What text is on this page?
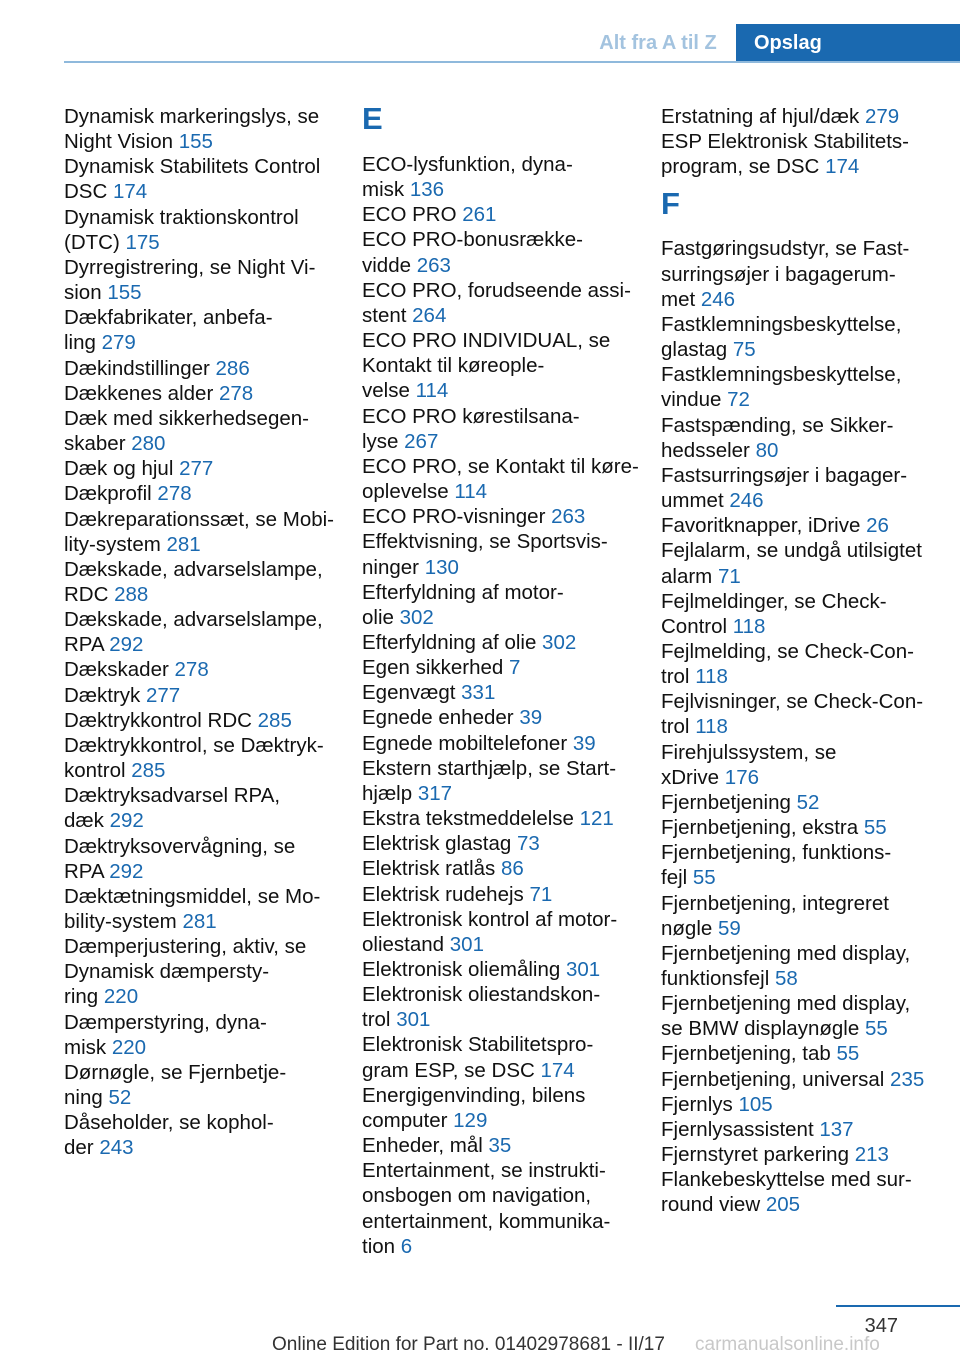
Alt fra A til Z	Opslag
Dynamisk markeringslys, se
Night Vision 155
Dynamisk Stabilitets Control
DSC 174
Dynamisk traktionskontrol
(DTC) 175
Dyrregistrering, se Night Vi-
sion 155
Dækfabrikater, anbefa-
ling 279
Dækindstillinger 286
Dækkenes alder 278
Dæk med sikkerhedsegen-
skaber 280
Dæk og hjul 277
Dækprofil 278
Dækreparationssæt, se Mobi-
lity-system 281
Dækskade, advarselslampe,
RDC 288
Dækskade, advarselslampe,
RPA 292
Dækskader 278
Dæktryk 277
Dæktrykkontrol RDC 285
Dæktrykkontrol, se Dæktryk-
kontrol 285
Dæktryksadvarsel RPA,
dæk 292
Dæktryksovervågning, se
RPA 292
Dæktætningsmiddel, se Mo-
bility-system 281
Dæmperjustering, aktiv, se
Dynamisk dæmpersty-
ring 220
Dæmperstyring, dyna-
misk 220
Dørnøgle, se Fjernbetje-
ning 52
Dåseholder, se kophol-
der 243
E
ECO-lysfunktion, dyna-
misk 136
ECO PRO 261
ECO PRO-bonusrække-
vidde 263
ECO PRO, forudseende assi-
stent 264
ECO PRO INDIVIDUAL, se
Kontakt til køreople-
velse 114
ECO PRO kørestilsana-
lyse 267
ECO PRO, se Kontakt til køre-
oplevelse 114
ECO PRO-visninger 263
Effektvisning, se Sportsvis-
ninger 130
Efterfyldning af motor-
olie 302
Efterfyldning af olie 302
Egen sikkerhed 7
Egenvægt 331
Egnede enheder 39
Egnede mobiltelefoner 39
Ekstern starthjælp, se Start-
hjælp 317
Ekstra tekstmeddelelse 121
Elektrisk glastag 73
Elektrisk ratlås 86
Elektrisk rudehejs 71
Elektronisk kontrol af motor-
oliestand 301
Elektronisk oliemåling 301
Elektronisk oliestandskon-
trol 301
Elektronisk Stabilitetspro-
gram ESP, se DSC 174
Energigenvinding, bilens
computer 129
Enheder, mål 35
Entertainment, se instrukti-
onsbogen om navigation,
entertainment, kommunika-
tion 6
Erstatning af hjul/dæk 279
ESP Elektronisk Stabilitets-
program, se DSC 174
F
Fastgøringsudstyr, se Fast-
surringsøjer i bagagerum-
met 246
Fastklemningsbeskyttelse,
glastag 75
Fastklemningsbeskyttelse,
vindue 72
Fastspænding, se Sikker-
hedsseler 80
Fastsurringsøjer i bagager-
ummet 246
Favoritknapper, iDrive 26
Fejlalarm, se undgå utilsigtet
alarm 71
Fejlmeldinger, se Check-
Control 118
Fejlmelding, se Check-Con-
trol 118
Fejlvisninger, se Check-Con-
trol 118
Firehjulssystem, se
xDrive 176
Fjernbetjening 52
Fjernbetjening, ekstra 55
Fjernbetjening, funktions-
fejl 55
Fjernbetjening, integreret
nøgle 59
Fjernbetjening med display,
funktionsfejl 58
Fjernbetjening med display,
se BMW displaynøgle 55
Fjernbetjening, tab 55
Fjernbetjening, universal 235
Fjernlys 105
Fjernlysassistent 137
Fjernstyret parkering 213
Flankebeskyttelse med sur-
round view 205
347
Online Edition for Part no. 01402978681 - II/17 carmanualsonline.info
